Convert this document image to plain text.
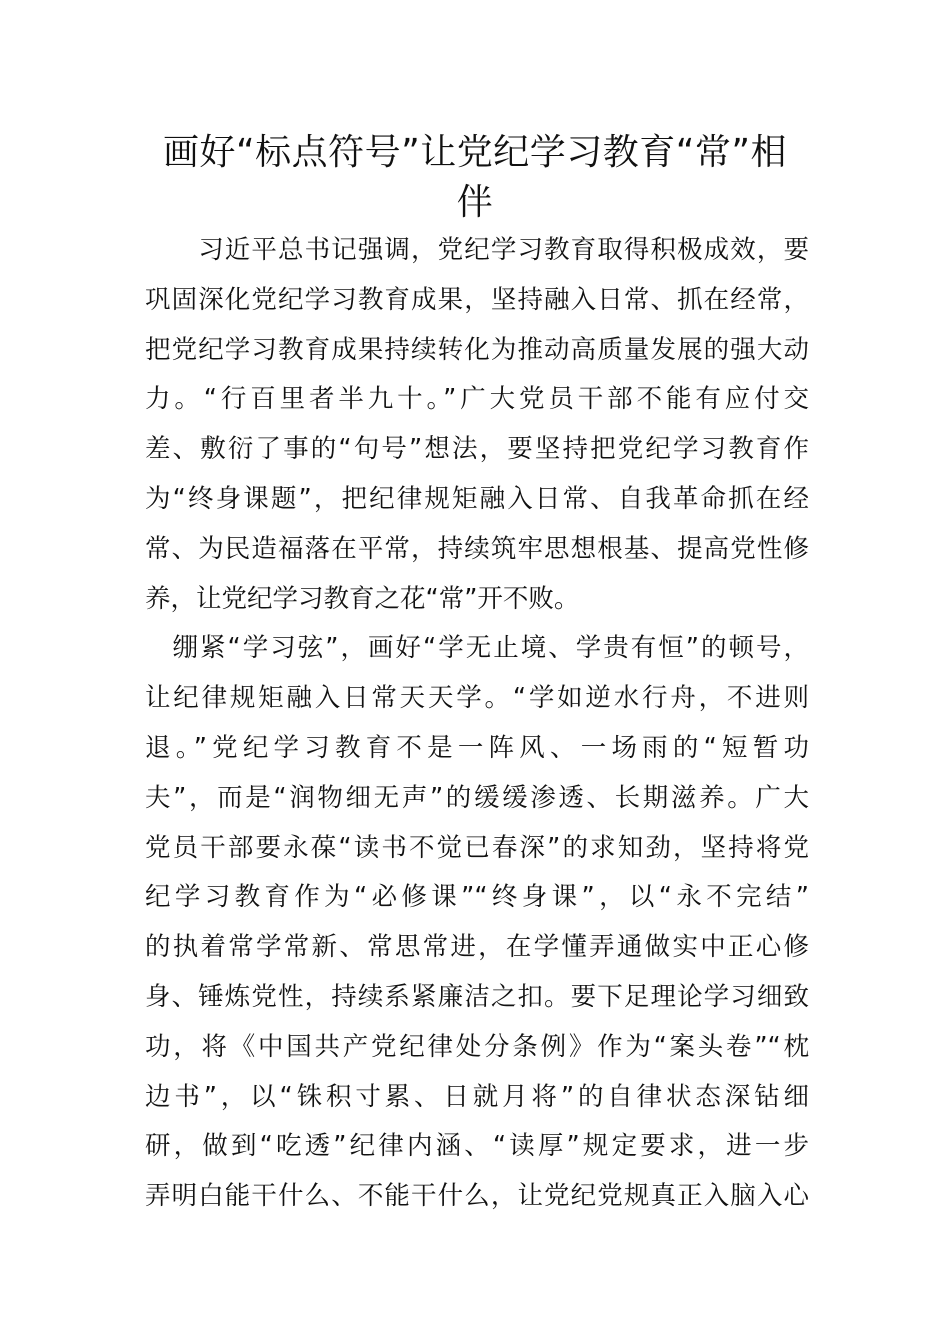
画好“标点符号”让党纪学习教育“常”相伴
　　习近平总书记强调，党纪学习教育取得积极成效，要
巩固深化党纪学习教育成果，坚持融入日常、抓在经常，
把党纪学习教育成果持续转化为推动高质量发展的强大动
力。“行百里者半九十。”广大党员干部不能有应付交
差、敷衍了事的“句号”想法，要坚持把党纪学习教育作
为“终身课题”，把纪律规矩融入日常、自我革命抓在经
常、为民造福落在平常，持续筑牢思想根基、提高党性修
养，让党纪学习教育之花“常”开不败。
　绷紧“学习弦”，画好“学无止境、学贵有恒”的顿号，
让纪律规矩融入日常天天学。“学如逆水行舟，不进则
退。”党纪学习教育不是一阵风、一场雨的“短暂功
夫”，而是“润物细无声”的缓缓渗透、长期滋养。广大
党员干部要永葆“读书不觉已春深”的求知劲，坚持将党
纪学习教育作为“必修课”“终身课”，以“永不完结”
的执着常学常新、常思常进，在学懂弄通做实中正心修
身、锤炼党性，持续系紧廉洁之扣。要下足理论学习细致
功，将《中国共产党纪律处分条例》作为“案头卷”“枕
边书”，以“铢积寸累、日就月将”的自律状态深钻细
研，做到“吃透”纪律内涵、“读厚”规定要求，进一步
弄明白能干什么、不能干什么，让党纪党规真正入脑入心
